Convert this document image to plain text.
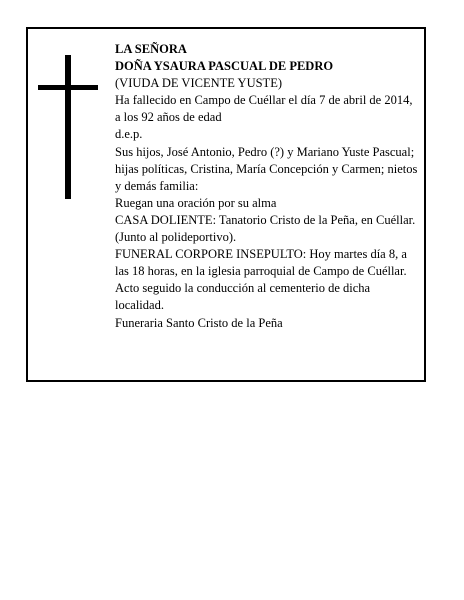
LA SEÑORA

DOÑA YSAURA PASCUAL DE PEDRO

(VIUDA DE VICENTE YUSTE)

Ha fallecido en Campo de Cuéllar el día 7 de abril de 2014, a los 92 años de edad

d.e.p.

Sus hijos, José Antonio, Pedro (?) y Mariano Yuste Pascual; hijas políticas, Cristina, María Concepción y Carmen; nietos y demás familia:

Ruegan una oración por su alma

CASA DOLIENTE: Tanatorio Cristo de la Peña, en Cuéllar. (Junto al polideportivo).

FUNERAL CORPORE INSEPULTO: Hoy martes día 8, a las 18 horas, en la iglesia parroquial de Campo de Cuéllar. Acto seguido la conducción al cementerio de dicha localidad.

Funeraria Santo Cristo de la Peña
